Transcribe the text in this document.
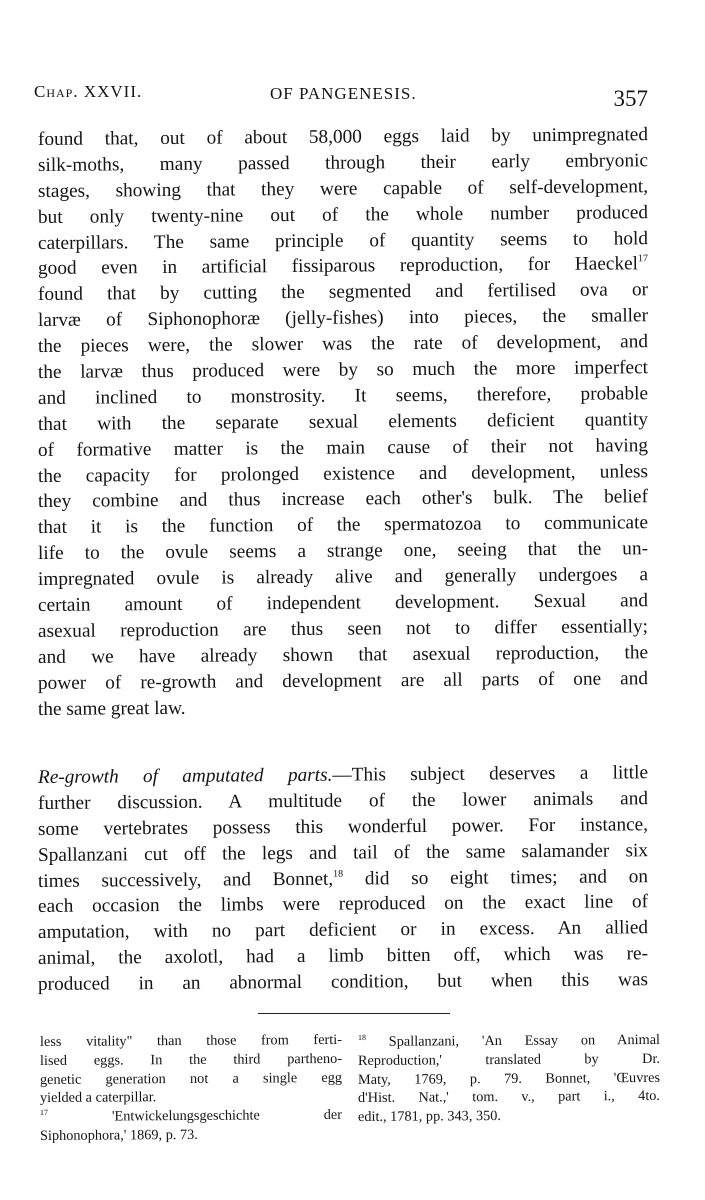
Chap. XXVII.	OF PANGENESIS.	357
found that, out of about 58,000 eggs laid by unimpregnated
silk-moths, many passed through their early embryonic
stages, showing that they were capable of self-development,
but only twenty-nine out of the whole number produced
caterpillars. The same principle of quantity seems to hold
good even in artificial fissiparous reproduction, for Haeckel$^{17}$
found that by cutting the segmented and fertilised ova or
larvæ of Siphonophoræ (jelly-fishes) into pieces, the smaller
the pieces were, the slower was the rate of development, and
the larvæ thus produced were by so much the more imperfect
and inclined to monstrosity. It seems, therefore, probable
that with the separate sexual elements deficient quantity
of formative matter is the main cause of their not having
the capacity for prolonged existence and development, unless
they combine and thus increase each other's bulk. The belief
that it is the function of the spermatozoa to communicate
life to the ovule seems a strange one, seeing that the un-
impregnated ovule is already alive and generally undergoes a
certain amount of independent development. Sexual and
asexual reproduction are thus seen not to differ essentially;
and we have already shown that asexual reproduction, the
power of re-growth and development are all parts of one and
the same great law.
Re-growth of amputated parts.—This subject deserves a little
further discussion. A multitude of the lower animals and
some vertebrates possess this wonderful power. For instance,
Spallanzani cut off the legs and tail of the same salamander six
times successively, and Bonnet,$^{18}$ did so eight times; and on
each occasion the limbs were reproduced on the exact line of
amputation, with no part deficient or in excess. An allied
animal, the axolotl, had a limb bitten off, which was re-
produced in an abnormal condition, but when this was
less vitality" than those from ferti-
lised eggs. In the third partheno-
genetic generation not a single egg
yielded a caterpillar.
$^{17}$ 'Entwickelungsgeschichte der
Siphonophora,' 1869, p. 73.
$^{18}$ Spallanzani, 'An Essay on Animal
Reproduction,' translated by Dr.
Maty, 1769, p. 79. Bonnet, 'Œuvres
d'Hist. Nat.,' tom. v., part i., 4to.
edit., 1781, pp. 343, 350.
